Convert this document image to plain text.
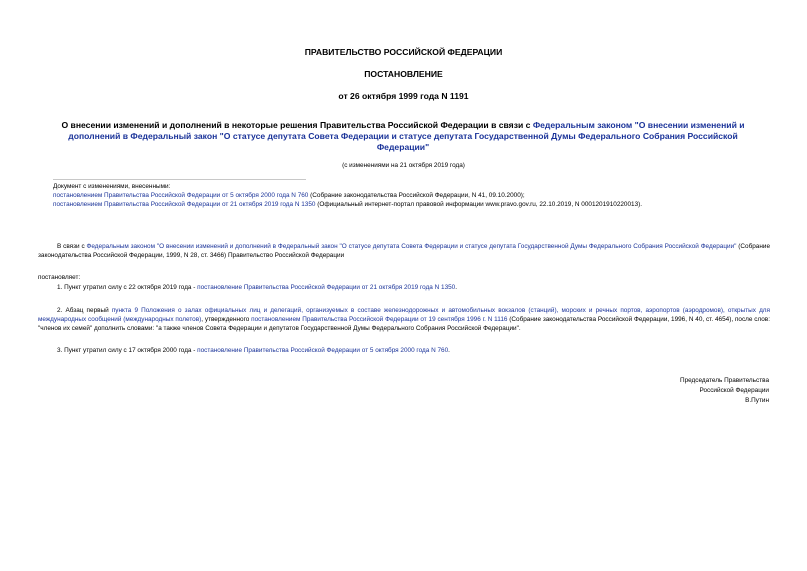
ПРАВИТЕЛЬСТВО РОССИЙСКОЙ ФЕДЕРАЦИИ
ПОСТАНОВЛЕНИЕ
от 26 октября 1999 года N 1191
О внесении изменений и дополнений в некоторые решения Правительства Российской Федерации в связи с Федеральным законом "О внесении изменений и дополнений в Федеральный закон "О статусе депутата Совета Федерации и статусе депутата Государственной Думы Федерального Собрания Российской Федерации"
(с изменениями на 21 октября 2019 года)
Документ с изменениями, внесенными:
постановлением Правительства Российской Федерации от 5 октября 2000 года N 760 (Собрание законодательства Российской Федерации, N 41, 09.10.2000);
постановлением Правительства Российской Федерации от 21 октября 2019 года N 1350 (Официальный интернет-портал правовой информации www.pravo.gov.ru, 22.10.2019, N 0001201910220013).
В связи с Федеральным законом "О внесении изменений и дополнений в Федеральный закон "О статусе депутата Совета Федерации и статусе депутата Государственной Думы Федерального Собрания Российской Федерации" (Собрание законодательства Российской Федерации, 1999, N 28, ст. 3466) Правительство Российской Федерации
постановляет:
1. Пункт утратил силу с 22 октября 2019 года - постановление Правительства Российской Федерации от 21 октября 2019 года N 1350.
2. Абзац первый пункта 9 Положения о залах официальных лиц и делегаций, организуемых в составе железнодорожных и автомобильных вокзалов (станций), морских и речных портов, аэропортов (аэродромов), открытых для международных сообщений (международных полетов), утвержденного постановлением Правительства Российской Федерации от 19 сентября 1996 г. N 1116 (Собрание законодательства Российской Федерации, 1996, N 40, ст. 4654), после слов: "членов их семей" дополнить словами: "а также членов Совета Федерации и депутатов Государственной Думы Федерального Собрания Российской Федерации".
3. Пункт утратил силу с 17 октября 2000 года - постановление Правительства Российской Федерации от 5 октября 2000 года N 760.
Председатель Правительства
Российской Федерации
В.Путин
